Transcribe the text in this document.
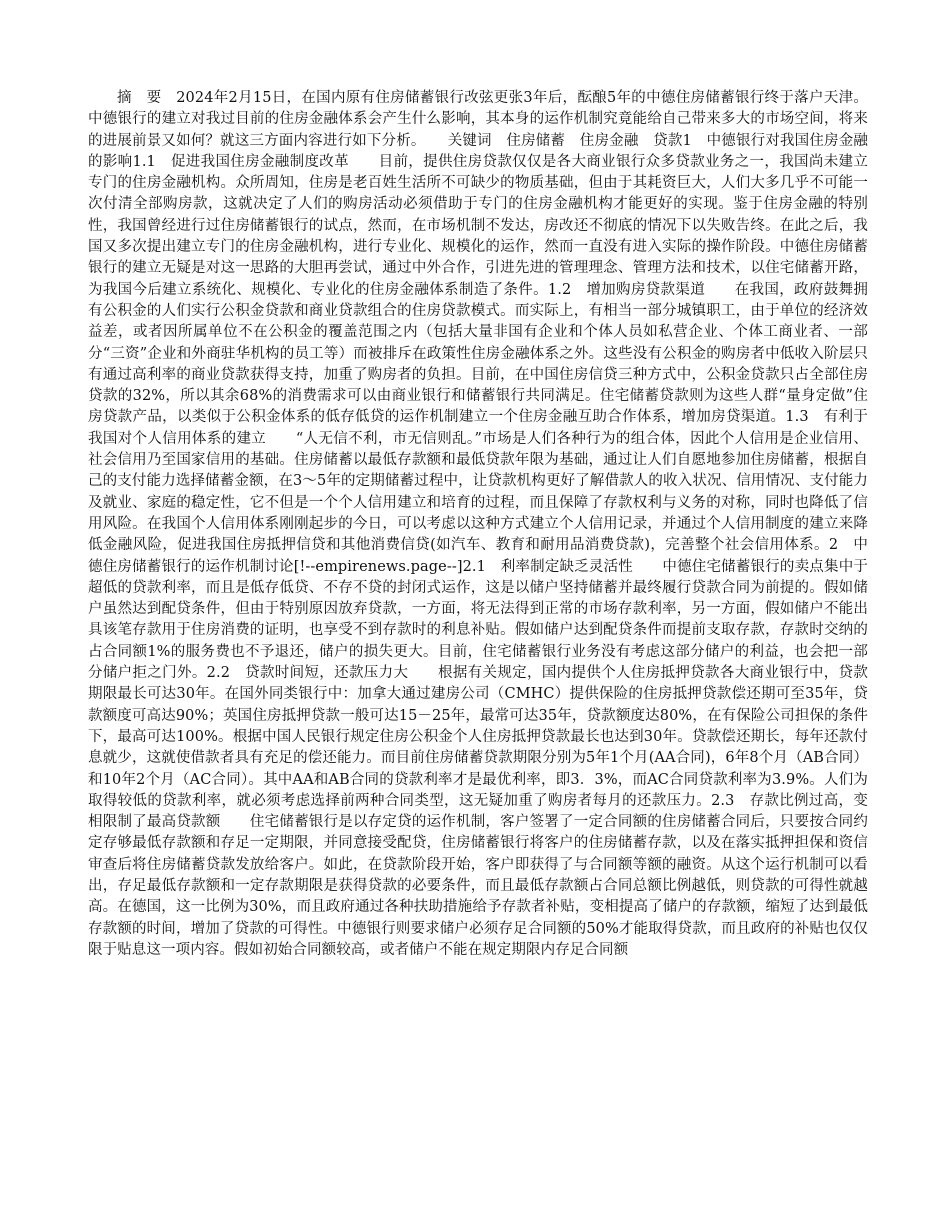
摘　要　2024年2月15日，在国内原有住房储蓄银行改弦更张3年后，酝酿5年的中德住房储蓄银行终于落户天津。中德银行的建立对我过目前的住房金融体系会产生什么影响，其本身的运作机制究竟能给自己带来多大的市场空间，将来的进展前景又如何？就这三方面内容进行如下分析。　　关键词　住房储蓄　住房金融　贷款1　中德银行对我国住房金融的影响1.1　促进我国住房金融制度改革　　目前，提供住房贷款仅仅是各大商业银行众多贷款业务之一，我国尚未建立专门的住房金融机构。众所周知，住房是老百姓生活所不可缺少的物质基础，但由于其耗资巨大，人们大多几乎不可能一次付清全部购房款，这就决定了人们的购房活动必须借助于专门的住房金融机构才能更好的实现。鉴于住房金融的特别性，我国曾经进行过住房储蓄银行的试点，然而，在市场机制不发达，房改还不彻底的情况下以失败告终。在此之后，我国又多次提出建立专门的住房金融机构，进行专业化、规模化的运作，然而一直没有进入实际的操作阶段。中德住房储蓄银行的建立无疑是对这一思路的大胆再尝试，通过中外合作，引进先进的管理理念、管理方法和技术，以住宅储蓄开路，为我国今后建立系统化、规模化、专业化的住房金融体系制造了条件。1.2　增加购房贷款渠道　　在我国，政府鼓舞拥有公积金的人们实行公积金贷款和商业贷款组合的住房贷款模式。而实际上，有相当一部分城镇职工，由于单位的经济效益差，或者因所属单位不在公积金的覆盖范围之内（包括大量非国有企业和个体人员如私营企业、个体工商业者、一部分“三资”企业和外商驻华机构的员工等）而被排斥在政策性住房金融体系之外。这些没有公积金的购房者中低收入阶层只有通过高利率的商业贷款获得支持，加重了购房者的负担。目前，在中国住房信贷三种方式中，公积金贷款只占全部住房贷款的32%，所以其余68%的消费需求可以由商业银行和储蓄银行共同满足。住宅储蓄贷款则为这些人群“量身定做”住房贷款产品，以类似于公积金体系的低存低贷的运作机制建立一个住房金融互助合作体系，增加房贷渠道。1.3　有利于我国对个人信用体系的建立　　“人无信不利，市无信则乱。”市场是人们各种行为的组合体，因此个人信用是企业信用、社会信用乃至国家信用的基础。住房储蓄以最低存款额和最低贷款年限为基础，通过让人们自愿地参加住房储蓄，根据自己的支付能力选择储蓄金额，在3～5年的定期储蓄过程中，让贷款机构更好了解借款人的收入状况、信用情况、支付能力及就业、家庭的稳定性，它不但是一个个人信用建立和培育的过程，而且保障了存款权利与义务的对称，同时也降低了信用风险。在我国个人信用体系刚刚起步的今日，可以考虑以这种方式建立个人信用记录，并通过个人信用制度的建立来降低金融风险，促进我国住房抵押信贷和其他消费信贷(如汽车、教育和耐用品消费贷款)，完善整个社会信用体系。2　中德住房储蓄银行的运作机制讨论[!--empirenews.page--]2.1　利率制定缺乏灵活性　　中德住宅储蓄银行的卖点集中于超低的贷款利率，而且是低存低贷、不存不贷的封闭式运作，这是以储户坚持储蓄并最终履行贷款合同为前提的。假如储户虽然达到配贷条件，但由于特别原因放弃贷款，一方面，将无法得到正常的市场存款利率，另一方面，假如储户不能出具该笔存款用于住房消费的证明，也享受不到存款时的利息补贴。假如储户达到配贷条件而提前支取存款，存款时交纳的占合同额1%的服务费也不予退还，储户的损失更大。目前，住宅储蓄银行业务没有考虑这部分储户的利益，也会把一部分储户拒之门外。2.2　贷款时间短，还款压力大　　根据有关规定，国内提供个人住房抵押贷款各大商业银行中，贷款期限最长可达30年。在国外同类银行中：加拿大通过建房公司（CMHC）提供保险的住房抵押贷款偿还期可至35年，贷款额度可高达90%；英国住房抵押贷款一般可达15－25年，最常可达35年，贷款额度达80%，在有保险公司担保的条件下，最高可达100%。根据中国人民银行规定住房公积金个人住房抵押贷款最长也达到30年。贷款偿还期长，每年还款付息就少，这就使借款者具有充足的偿还能力。而目前住房储蓄贷款期限分别为5年1个月(AA合同)，6年8个月（AB合同）和10年2个月（AC合同）。其中AA和AB合同的贷款利率才是最优利率，即3．3%，而AC合同贷款利率为3.9%。人们为取得较低的贷款利率，就必须考虑选择前两种合同类型，这无疑加重了购房者每月的还款压力。2.3　存款比例过高，变相限制了最高贷款额　　住宅储蓄银行是以存定贷的运作机制，客户签署了一定合同额的住房储蓄合同后，只要按合同约定存够最低存款额和存足一定期限，并同意接受配贷，住房储蓄银行将客户的住房储蓄存款，以及在落实抵押担保和资信审查后将住房储蓄贷款发放给客户。如此，在贷款阶段开始，客户即获得了与合同额等额的融资。从这个运行机制可以看出，存足最低存款额和一定存款期限是获得贷款的必要条件，而且最低存款额占合同总额比例越低，则贷款的可得性就越高。在德国，这一比例为30%，而且政府通过各种扶助措施给予存款者补贴，变相提高了储户的存款额，缩短了达到最低存款额的时间，增加了贷款的可得性。中德银行则要求储户必须存足合同额的50%才能取得贷款，而且政府的补贴也仅仅限于贴息这一项内容。假如初始合同额较高，或者储户不能在规定期限内存足合同额
